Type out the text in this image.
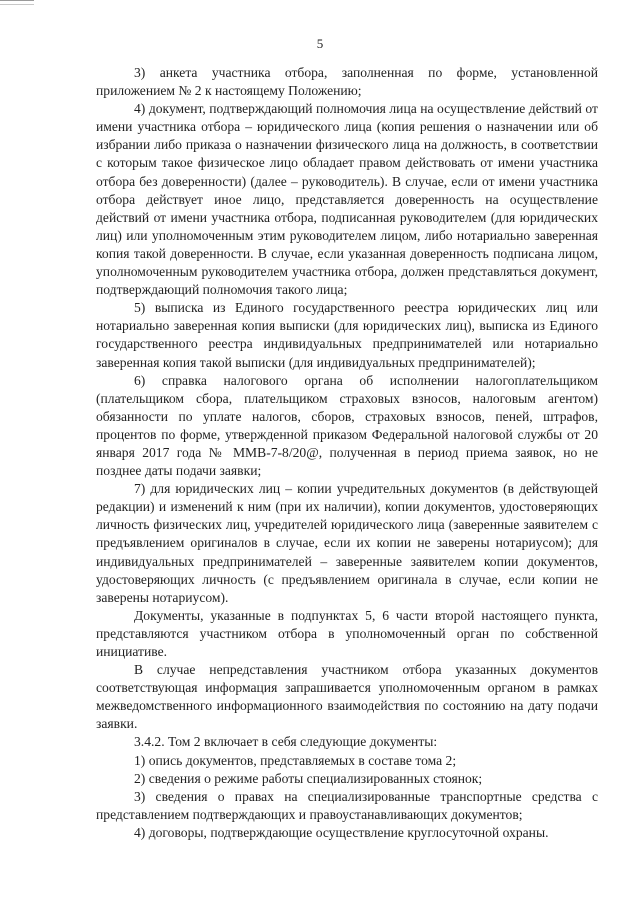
5

3) анкета участника отбора, заполненная по форме, установленной приложением № 2 к настоящему Положению;

4) документ, подтверждающий полномочия лица на осуществление действий от имени участника отбора – юридического лица (копия решения о назначении или об избрании либо приказа о назначении физического лица на должность, в соответствии с которым такое физическое лицо обладает правом действовать от имени участника отбора без доверенности) (далее – руководитель). В случае, если от имени участника отбора действует иное лицо, представляется доверенность на осуществление действий от имени участника отбора, подписанная руководителем (для юридических лиц) или уполномоченным этим руководителем лицом, либо нотариально заверенная копия такой доверенности. В случае, если указанная доверенность подписана лицом, уполномоченным руководителем участника отбора, должен представляться документ, подтверждающий полномочия такого лица;

5) выписка из Единого государственного реестра юридических лиц или нотариально заверенная копия выписки (для юридических лиц), выписка из Единого государственного реестра индивидуальных предпринимателей или нотариально заверенная копия такой выписки (для индивидуальных предпринимателей);

6) справка налогового органа об исполнении налогоплательщиком (плательщиком сбора, плательщиком страховых взносов, налоговым агентом) обязанности по уплате налогов, сборов, страховых взносов, пеней, штрафов, процентов по форме, утвержденной приказом Федеральной налоговой службы от 20 января 2017 года № ММВ-7-8/20@, полученная в период приема заявок, но не позднее даты подачи заявки;

7) для юридических лиц – копии учредительных документов (в действующей редакции) и изменений к ним (при их наличии), копии документов, удостоверяющих личность физических лиц, учредителей юридического лица (заверенные заявителем с предъявлением оригиналов в случае, если их копии не заверены нотариусом); для индивидуальных предпринимателей – заверенные заявителем копии документов, удостоверяющих личность (с предъявлением оригинала в случае, если копии не заверены нотариусом).

Документы, указанные в подпунктах 5, 6 части второй настоящего пункта, представляются участником отбора в уполномоченный орган по собственной инициативе.

В случае непредставления участником отбора указанных документов соответствующая информация запрашивается уполномоченным органом в рамках межведомственного информационного взаимодействия по состоянию на дату подачи заявки.

3.4.2. Том 2 включает в себя следующие документы:

1) опись документов, представляемых в составе тома 2;

2) сведения о режиме работы специализированных стоянок;

3) сведения о правах на специализированные транспортные средства с представлением подтверждающих и правоустанавливающих документов;

4) договоры, подтверждающие осуществление круглосуточной охраны.
